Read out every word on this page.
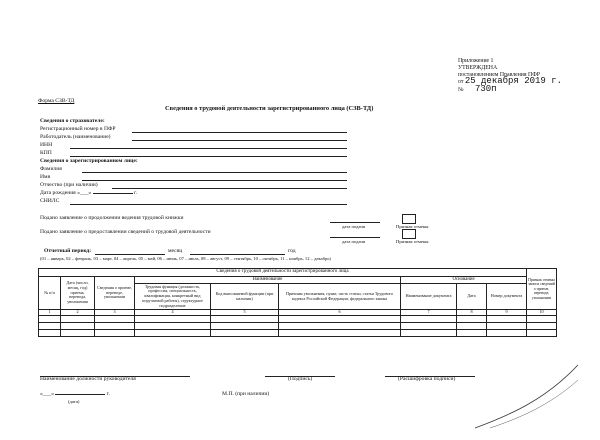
Приложение 1
УТВЕРЖДЕНА
постановлением Правления ПФР
от 25 декабря 2019 г.
№ 730п
Форма СЗВ-ТД
Сведения о трудовой деятельности зарегистрированного лица (СЗВ-ТД)
Сведения о страхователе:
Регистрационный номер в ПФР
Работодатель (наименование)
ИНН
КПП
Сведения о зарегистрированном лице:
Фамилия
Имя
Отчество (при наличии)
Дата рождения «___»	г.
СНИЛС
Подано заявление о продолжении ведения трудовой книжки
дата подачи	Признак отмены
Подано заявление о предоставлении сведений о трудовой деятельности
дата подачи	Признак отмены
Отчетный период:	месяц	год
(01 – январь, 02 – февраль, 03 – март, 04 – апрель, 05 – май, 06 – июнь, 07 – июль, 08 – август, 09 – сентябрь, 10 – октябрь, 11 – ноябрь, 12 – декабрь)
Сведения о трудовой деятельности зарегистрированного лица									Признак отмены записи сведений о приеме, переводе, увольнении
№ п/п	Дата (число, месяц, год) приема, перевода, увольнения	Сведения о приеме, переводе, увольнении	Наименование			Основание			
			Трудовая функция (должность, профессия, специальность, квалификация, конкретный вид поручаемой работы), структурное подразделение	Код выполняемой функции (при наличии)	Причины увольнения, пункт, часть статьи, статья Трудового кодекса Российской Федерации, федерального закона	Наименование документа	Дата	Номер документа	
1	2	3	4	5	6	7	8	9	10

Наименование должности руководителя	(Подпись)	(Расшифровка подписи)
«___»	г.
(дата)
М.П. (при наличии)
